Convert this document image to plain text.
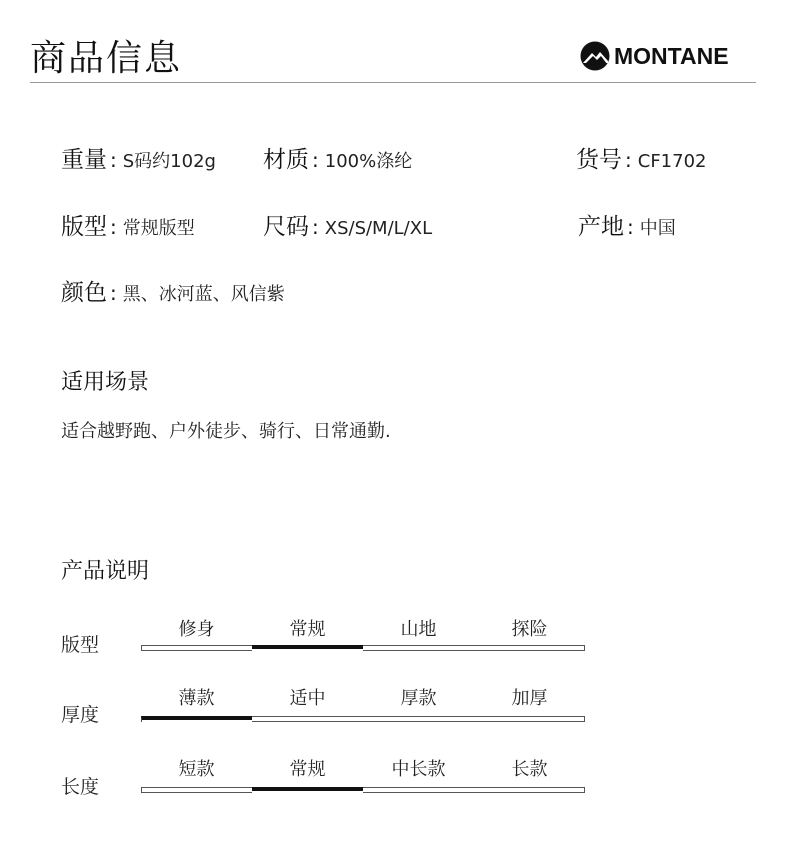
商品信息	MONTANE
重量 : S码约102g 材质 : 100%涤纶	货号 : CF1702
版型 : 常规版型	尺码 : XS/S/M/L/XL	产地 : 中国
颜色 : 黑、冰河蓝、风信紫
适用场景
适合越野跑、户外徒步、骑行、日常通勤.
产品说明
版型
修身	常规	山地	探险
厚度
薄款	适中	厚款	加厚
长度
短款	常规	中长款	长款
